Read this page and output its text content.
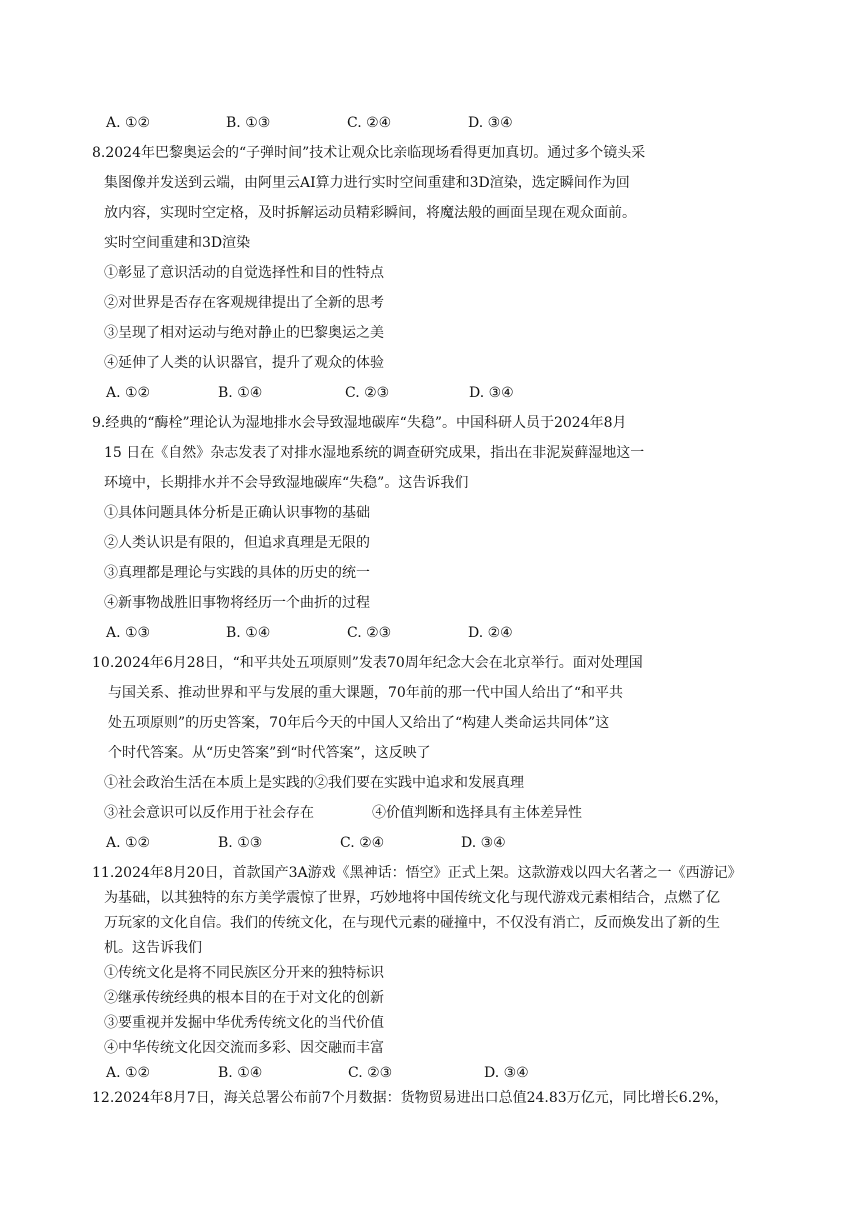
A. ①②	B. ①③	C. ②④	D. ③④
8.2024年巴黎奥运会的“子弹时间”技术让观众比亲临现场看得更加真切。通过多个镜头采
集图像并发送到云端，由阿里云AI算力进行实时空间重建和3D渲染，选定瞬间作为回
放内容，实现时空定格，及时拆解运动员精彩瞬间，将魔法般的画面呈现在观众面前。
实时空间重建和3D渲染
①彰显了意识活动的自觉选择性和目的性特点
②对世界是否存在客观规律提出了全新的思考
③呈现了相对运动与绝对静止的巴黎奥运之美
④延伸了人类的认识器官，提升了观众的体验
A. ①②	B. ①④	C. ②③	D. ③④
9.经典的“酶栓”理论认为湿地排水会导致湿地碳库“失稳”。中国科研人员于2024年8月
15 日在《自然》杂志发表了对排水湿地系统的调查研究成果，指出在非泥炭藓湿地这一
环境中，长期排水并不会导致湿地碳库“失稳”。这告诉我们
①具体问题具体分析是正确认识事物的基础
②人类认识是有限的，但追求真理是无限的
③真理都是理论与实践的具体的历史的统一
④新事物战胜旧事物将经历一个曲折的过程
A. ①③	B. ①④	C. ②③	D. ②④
10.2024年6月28日，“和平共处五项原则”发表70周年纪念大会在北京举行。面对处理国
与国关系、推动世界和平与发展的重大课题，70年前的那一代中国人给出了“和平共
处五项原则”的历史答案，70年后今天的中国人又给出了“构建人类命运共同体”这
个时代答案。从“历史答案”到“时代答案”，这反映了
①社会政治生活在本质上是实践的②我们要在实践中追求和发展真理
③社会意识可以反作用于社会存在	④价值判断和选择具有主体差异性
A. ①②	B. ①③	C. ②④	D. ③④
11.2024年8月20日，首款国产3A游戏《黑神话：悟空》正式上架。这款游戏以四大名著之一《西游记》
为基础，以其独特的东方美学震惊了世界，巧妙地将中国传统文化与现代游戏元素相结合，点燃了亿
万玩家的文化自信。我们的传统文化，在与现代元素的碰撞中，不仅没有消亡，反而焕发出了新的生
机。这告诉我们
①传统文化是将不同民族区分开来的独特标识
②继承传统经典的根本目的在于对文化的创新
③要重视并发掘中华优秀传统文化的当代价值
④中华传统文化因交流而多彩、因交融而丰富
A. ①②	B. ①④	C. ②③	D. ③④
12.2024年8月7日，海关总署公布前7个月数据：货物贸易进出口总值24.83万亿元，同比增长6.2%，
